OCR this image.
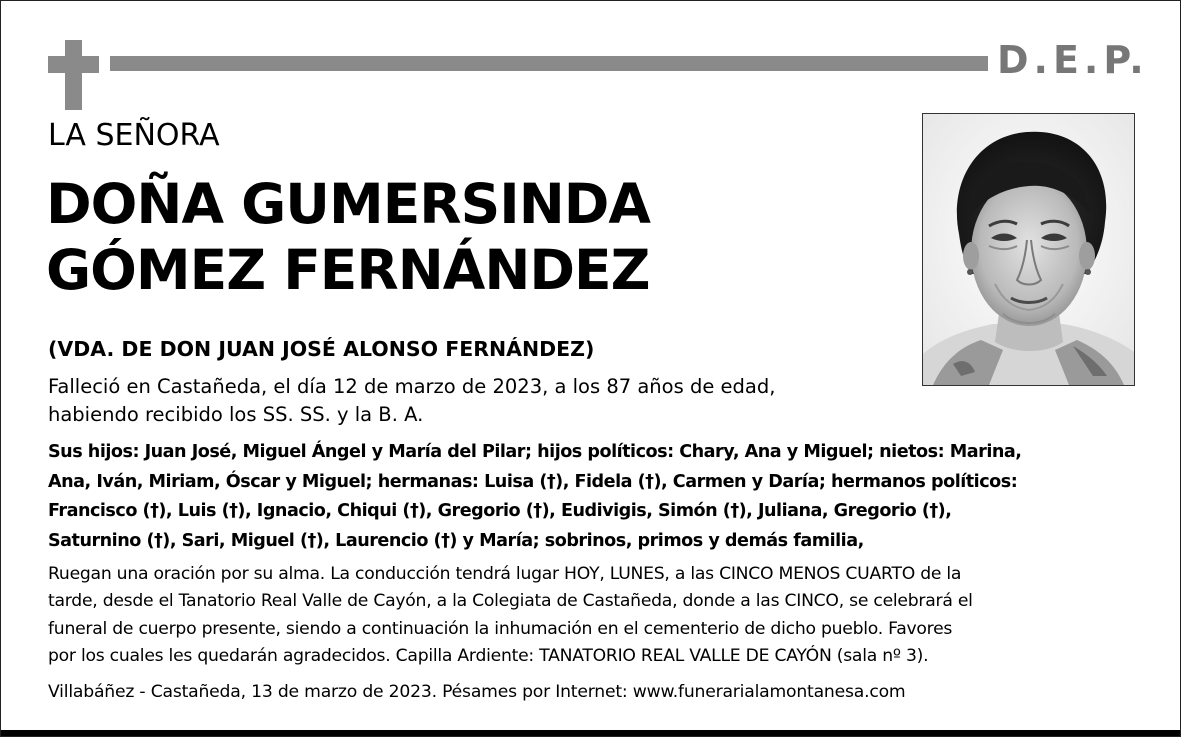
D.E.P.

LA SEÑORA

DOÑA GUMERSINDA
GÓMEZ FERNÁNDEZ

(VDA. DE DON JUAN JOSÉ ALONSO FERNÁNDEZ)

Falleció en Castañeda, el día 12 de marzo de 2023, a los 87 años de edad,
habiendo recibido los SS. SS. y la B. A.

Sus hijos: Juan José, Miguel Ángel y María del Pilar; hijos políticos: Chary, Ana y Miguel; nietos: Marina,
Ana, Iván, Miriam, Óscar y Miguel; hermanas: Luisa (†), Fidela (†), Carmen y Daría; hermanos políticos:
Francisco (†), Luis (†), Ignacio, Chiqui (†), Gregorio (†), Eudivigis, Simón (†), Juliana, Gregorio (†),
Saturnino (†), Sari, Miguel (†), Laurencio (†) y María; sobrinos, primos y demás familia,

Ruegan una oración por su alma. La conducción tendrá lugar HOY, LUNES, a las CINCO MENOS CUARTO de la
tarde, desde el Tanatorio Real Valle de Cayón, a la Colegiata de Castañeda, donde a las CINCO, se celebrará el
funeral de cuerpo presente, siendo a continuación la inhumación en el cementerio de dicho pueblo. Favores
por los cuales les quedarán agradecidos. Capilla Ardiente: TANATORIO REAL VALLE DE CAYÓN (sala nº 3).

Villabáñez - Castañeda, 13 de marzo de 2023. Pésames por Internet: www.funerarialamontanesa.com
